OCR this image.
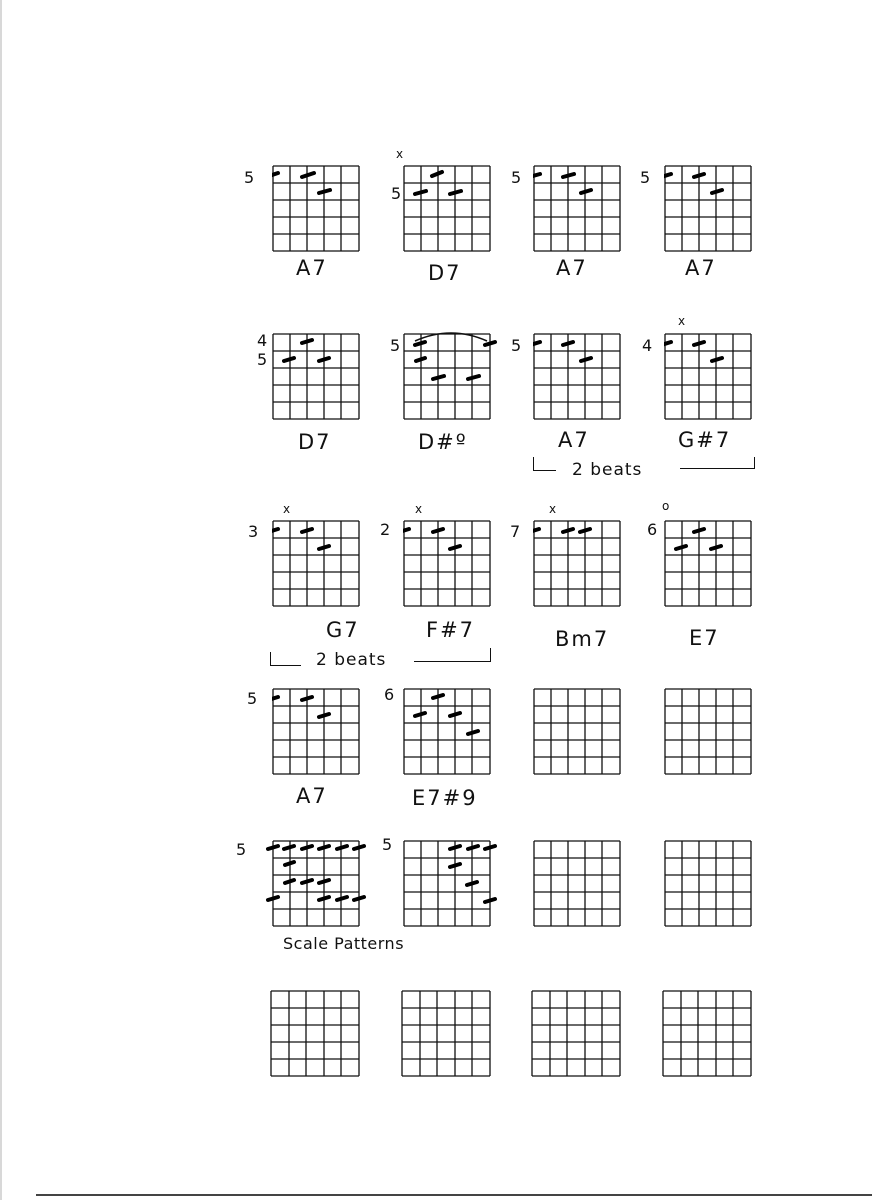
5
A7
x
5
D7
5
A7
5
A7
4
5
D7
5
D#º
5
A7
x
4
G#7
2 beats
x
3
G7
x
2
F#7
x
7
Bm7
o
6
E7
2 beats
5
A7
6
E7#9
5	5
Scale Patterns
